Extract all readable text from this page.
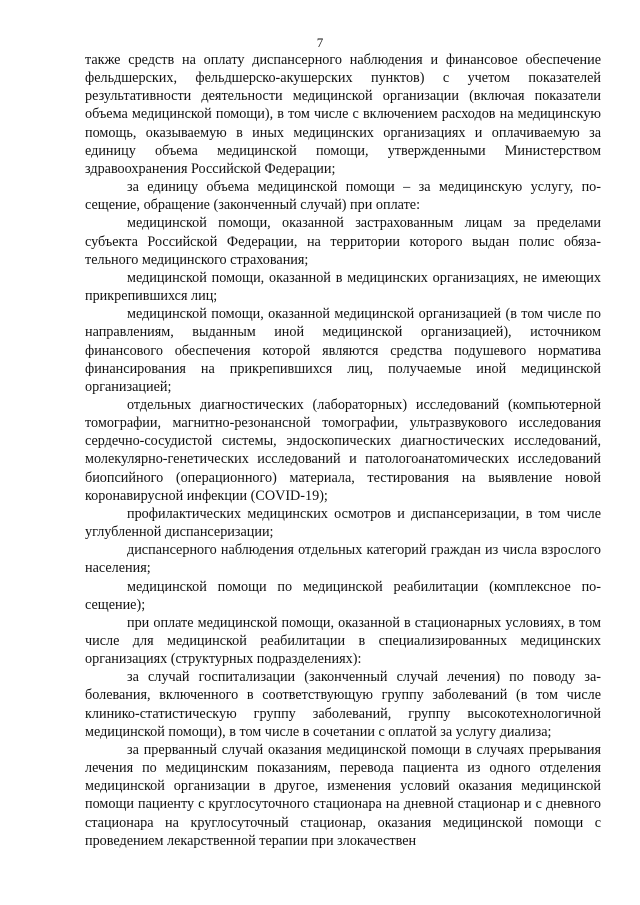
7

также средств на оплату диспансерного наблюдения и финансовое обеспечение фельдшерских, фельдшерско-акушерских пунктов) с учетом показателей результативности деятельности медицинской организации (включая показатели объема медицинской помощи), в том числе с включением расходов на медицинскую помощь, оказываемую в иных медицинских организациях и оплачиваемую за единицу объема медицинской помощи, утвержденными Министерством здравоохранения Российской Федерации;

за единицу объема медицинской помощи – за медицинскую услугу, посещение, обращение (законченный случай) при оплате:

медицинской помощи, оказанной застрахованным лицам за пределами субъекта Российской Федерации, на территории которого выдан полис обязательного медицинского страхования;

медицинской помощи, оказанной в медицинских организациях, не имеющих прикрепившихся лиц;

медицинской помощи, оказанной медицинской организацией (в том числе по направлениям, выданным иной медицинской организацией), источником финансового обеспечения которой являются средства подушевого норматива финансирования на прикрепившихся лиц, получаемые иной медицинской организацией;

отдельных диагностических (лабораторных) исследований (компьютерной томографии, магнитно-резонансной томографии, ультразвукового исследования сердечно-сосудистой системы, эндоскопических диагностических исследований, молекулярно-генетических исследований и патологоанатомических исследований биопсийного (операционного) материала, тестирования на выявление новой коронавирусной инфекции (COVID-19);

профилактических медицинских осмотров и диспансеризации, в том числе углубленной диспансеризации;

диспансерного наблюдения отдельных категорий граждан из числа взрослого населения;

медицинской помощи по медицинской реабилитации (комплексное посещение);

при оплате медицинской помощи, оказанной в стационарных условиях, в том числе для медицинской реабилитации в специализированных медицинских организациях (структурных подразделениях):

за случай госпитализации (законченный случай лечения) по поводу заболевания, включенного в соответствующую группу заболеваний (в том числе клинико-статистическую группу заболеваний, группу высокотехнологичной медицинской помощи), в том числе в сочетании с оплатой за услугу диализа;

за прерванный случай оказания медицинской помощи в случаях прерывания лечения по медицинским показаниям, перевода пациента из одного отделения медицинской организации в другое, изменения условий оказания медицинской помощи пациенту с круглосуточного стационара на дневной стационар и с дневного стационара на круглосуточный стационар, оказания медицинской помощи с проведением лекарственной терапии при злокачествен
